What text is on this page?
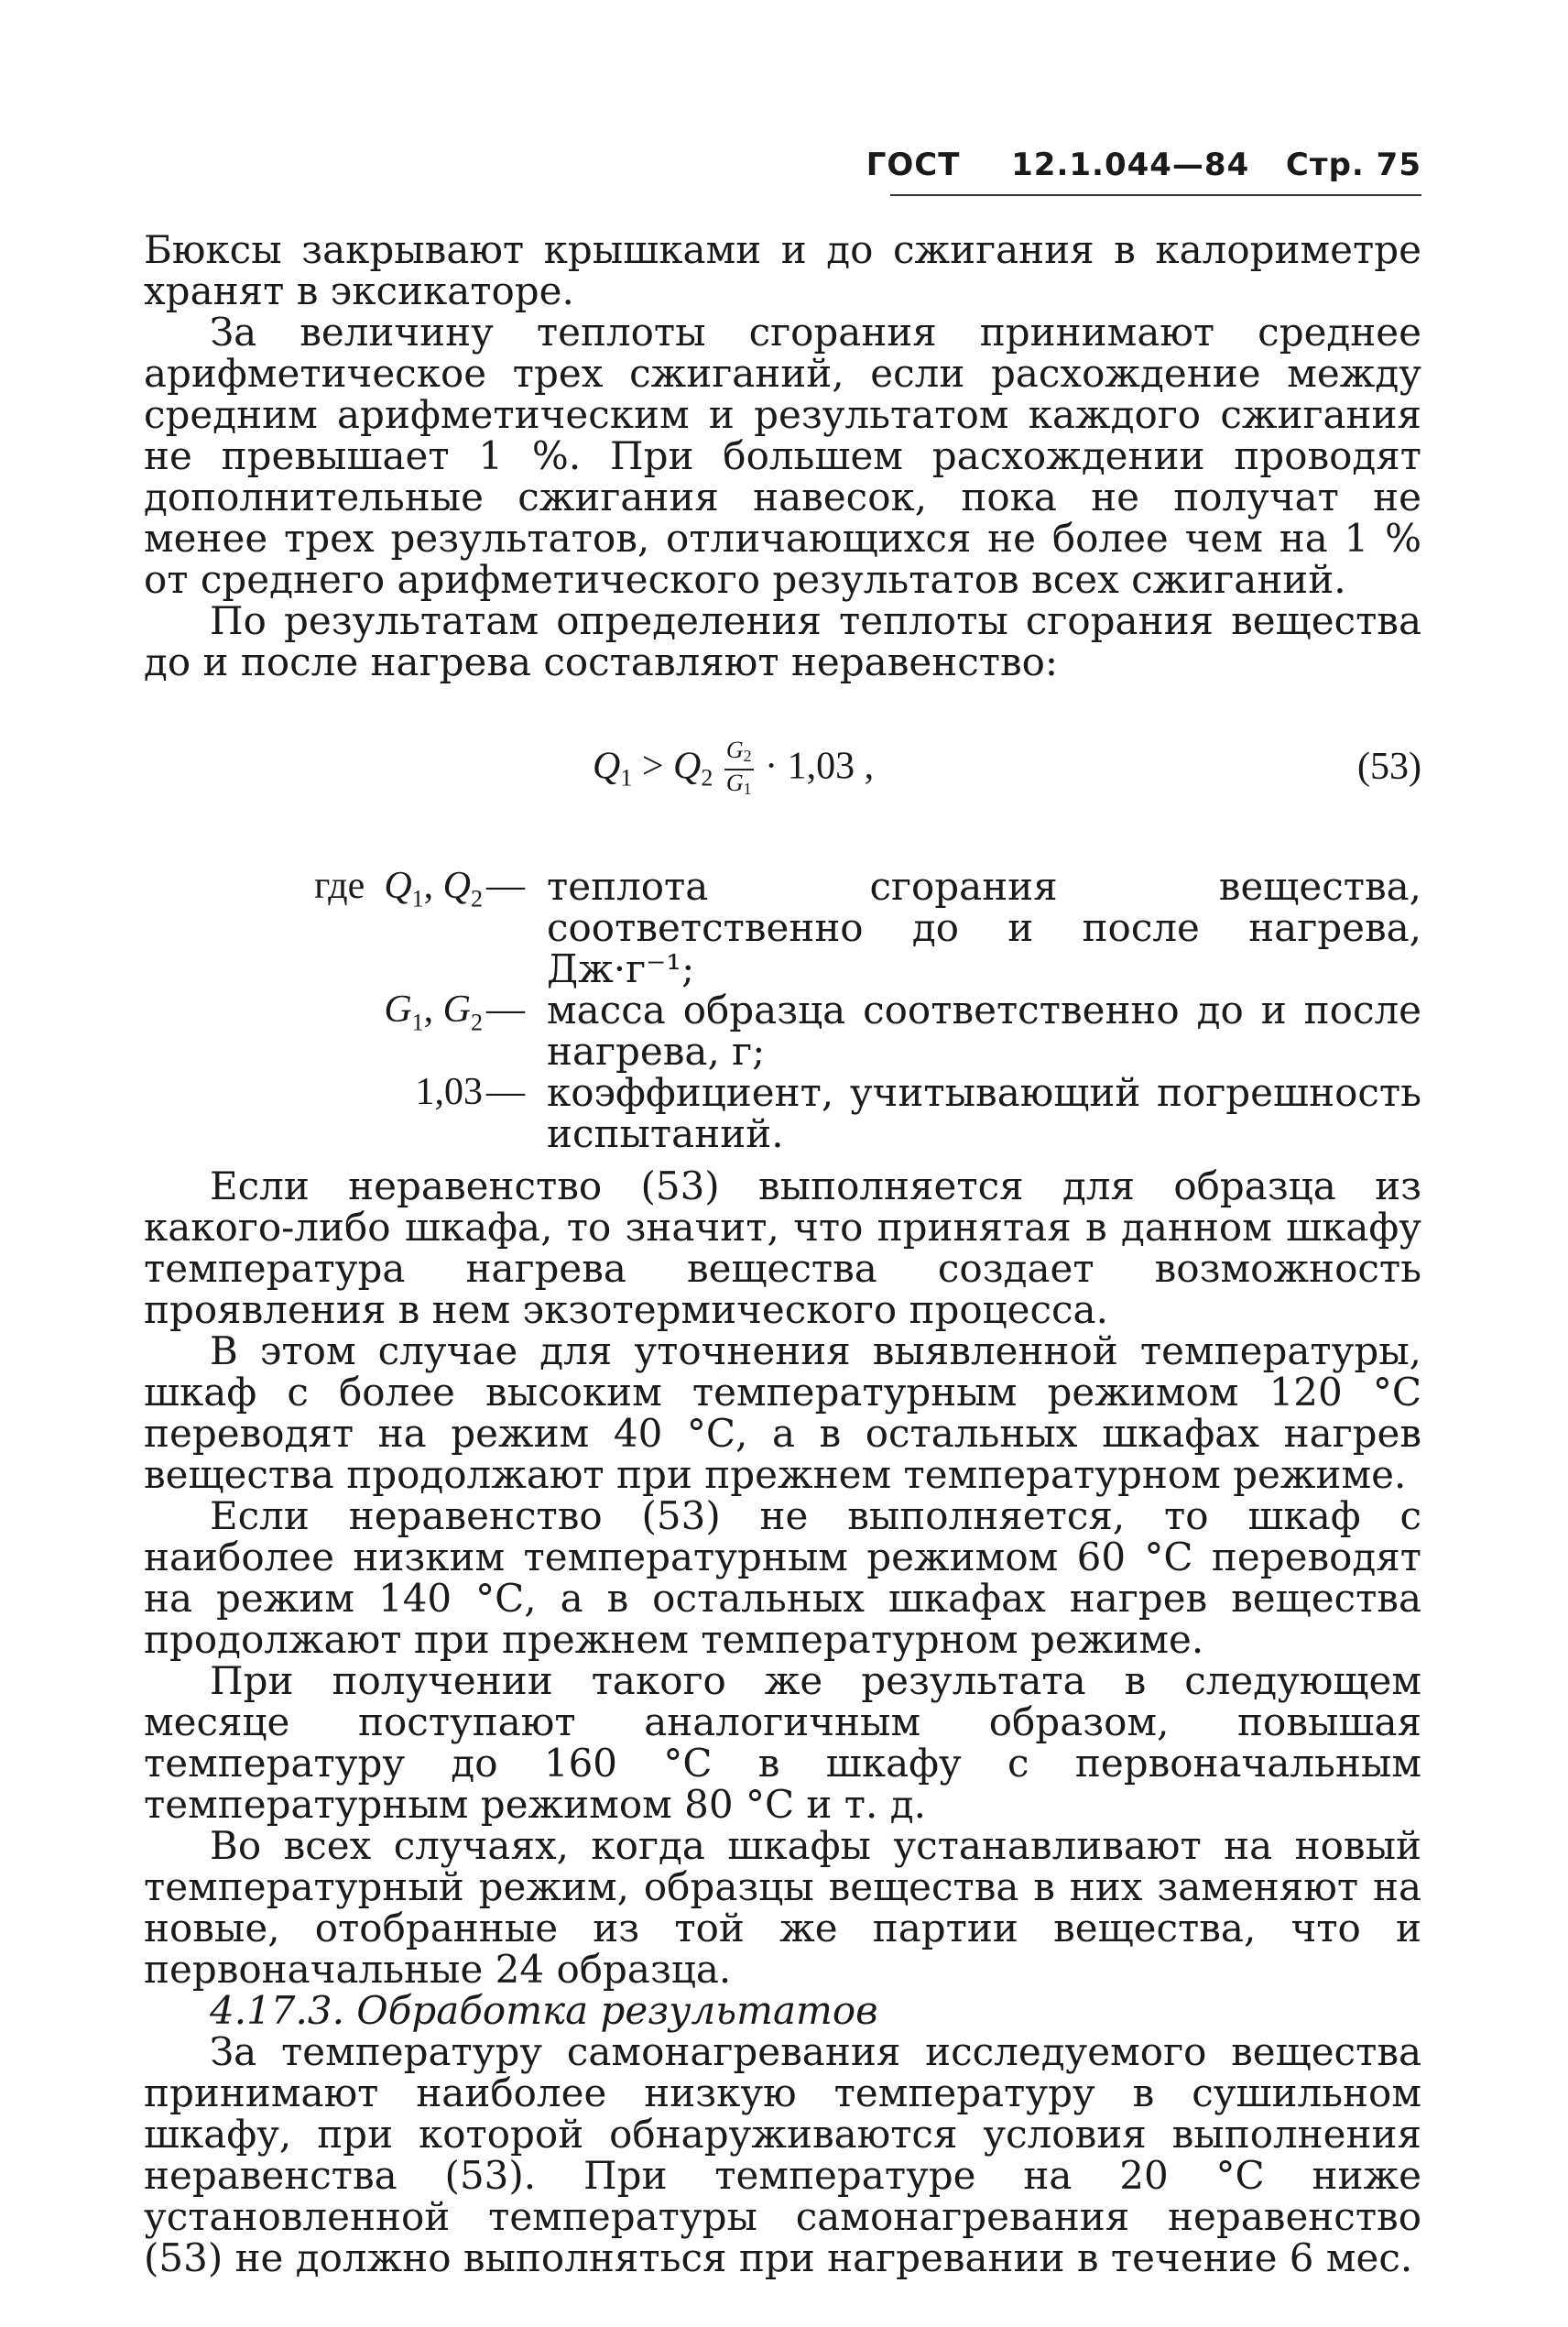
ГОСТ 12.1.044—84 Стр. 75

Бюксы закрывают крышками и до сжигания в калориметре хранят в эксикаторе.

За величину теплоты сгорания принимают среднее арифметическое трех сжиганий, если расхождение между средним арифметическим и результатом каждого сжигания не превышает 1 %. При большем расхождении проводят дополнительные сжигания навесок, пока не получат не менее трех результатов, отличающихся не более чем на 1 % от среднего арифметического результатов всех сжиганий.

По результатам определения теплоты сгорания вещества до и после нагрева составляют неравенство:

$Q_1 > Q_2 \frac{G_2}{G_1} \cdot 1,03$ ,	(53)
где $Q_1$, $Q_2—$ теплота сгорания вещества, соответственно до и после нагрева, Дж·г⁻¹;
$G_1$, $G_2—$ масса образца соответственно до и после нагрева, г;
1,03— коэффициент, учитывающий погрешность испытаний.

Если неравенство (53) выполняется для образца из какого-либо шкафа, то значит, что принятая в данном шкафу температура нагрева вещества создает возможность проявления в нем экзотермического процесса.

В этом случае для уточнения выявленной температуры, шкаф с более высоким температурным режимом 120 °С переводят на режим 40 °С, а в остальных шкафах нагрев вещества продолжают при прежнем температурном режиме.

Если неравенство (53) не выполняется, то шкаф с наиболее низким температурным режимом 60 °С переводят на режим 140 °С, а в остальных шкафах нагрев вещества продолжают при прежнем температурном режиме.

При получении такого же результата в следующем месяце поступают аналогичным образом, повышая температуру до 160 °С в шкафу с первоначальным температурным режимом 80 °С и т. д.

Во всех случаях, когда шкафы устанавливают на новый температурный режим, образцы вещества в них заменяют на новые, отобранные из той же партии вещества, что и первоначальные 24 образца.

4.17.3. Обработка результатов

За температуру самонагревания исследуемого вещества принимают наиболее низкую температуру в сушильном шкафу, при которой обнаруживаются условия выполнения неравенства (53). При температуре на 20 °С ниже установленной температуры самонагревания неравенство (53) не должно выполняться при нагревании в течение 6 мес.
